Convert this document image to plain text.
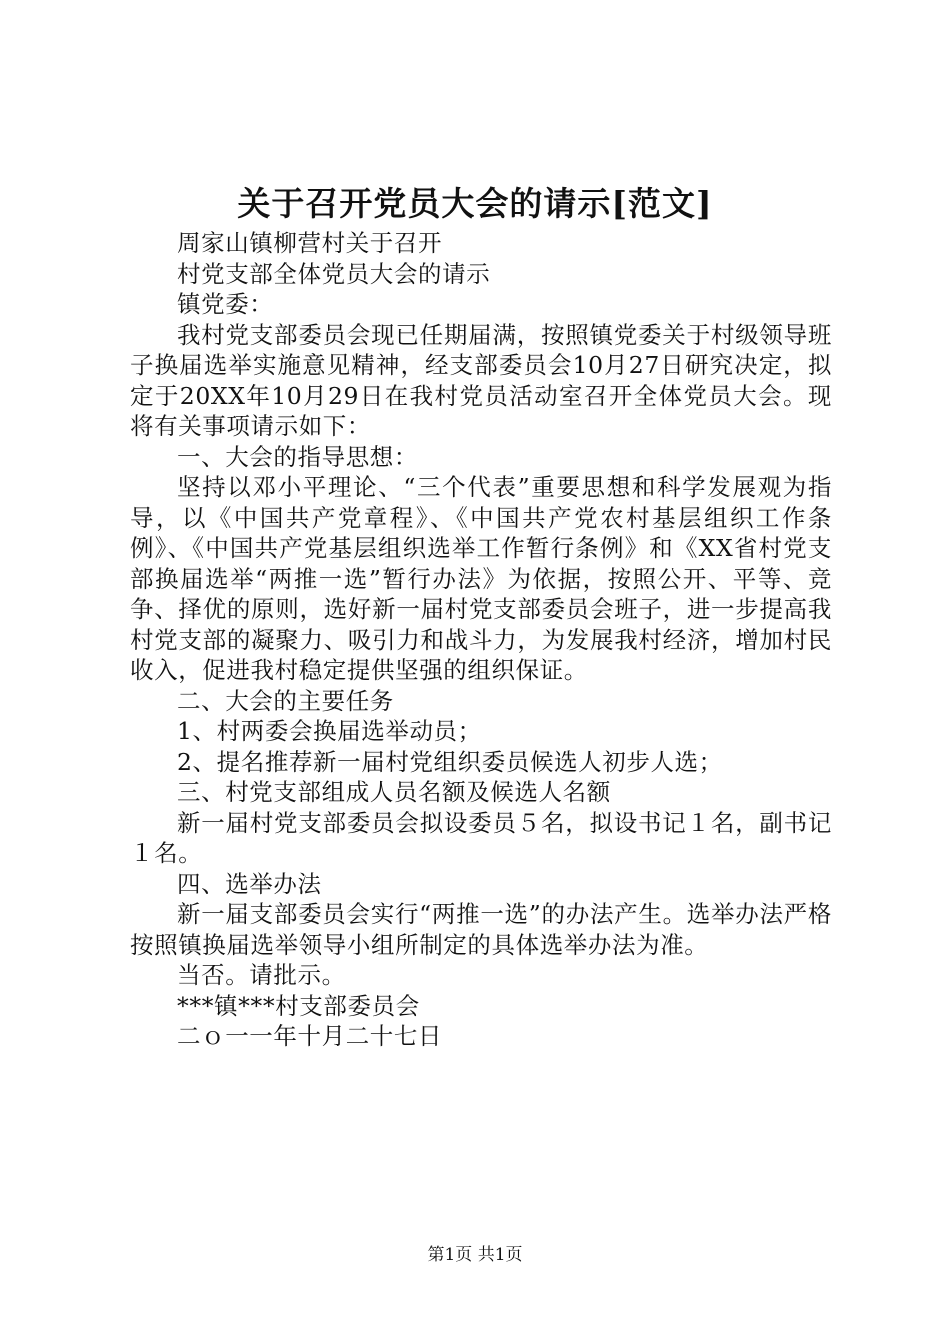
关于召开党员大会的请示[范文]

周家山镇柳营村关于召开

村党支部全体党员大会的请示

镇党委：

我村党支部委员会现已任期届满，按照镇党委关于村级领导班子换届选举实施意见精神，经支部委员会10月27日研究决定，拟定于20XX年10月29日在我村党员活动室召开全体党员大会。现将有关事项请示如下：

一、大会的指导思想：

坚持以邓小平理论、“三个代表”重要思想和科学发展观为指导，以《中国共产党章程》、《中国共产党农村基层组织工作条例》、《中国共产党基层组织选举工作暂行条例》和《XX省村党支部换届选举“两推一选”暂行办法》为依据，按照公开、平等、竞争、择优的原则，选好新一届村党支部委员会班子，进一步提高我村党支部的凝聚力、吸引力和战斗力，为发展我村经济，增加村民收入，促进我村稳定提供坚强的组织保证。

二、大会的主要任务

1、村两委会换届选举动员；

2、提名推荐新一届村党组织委员候选人初步人选；

三、村党支部组成人员名额及候选人名额

新一届村党支部委员会拟设委员５名，拟设书记１名，副书记１名。

四、选举办法

新一届支部委员会实行“两推一选”的办法产生。选举办法严格按照镇换届选举领导小组所制定的具体选举办法为准。

当否。请批示。

***镇***村支部委员会

二ｏ一一年十月二十七日

第1页 共1页
